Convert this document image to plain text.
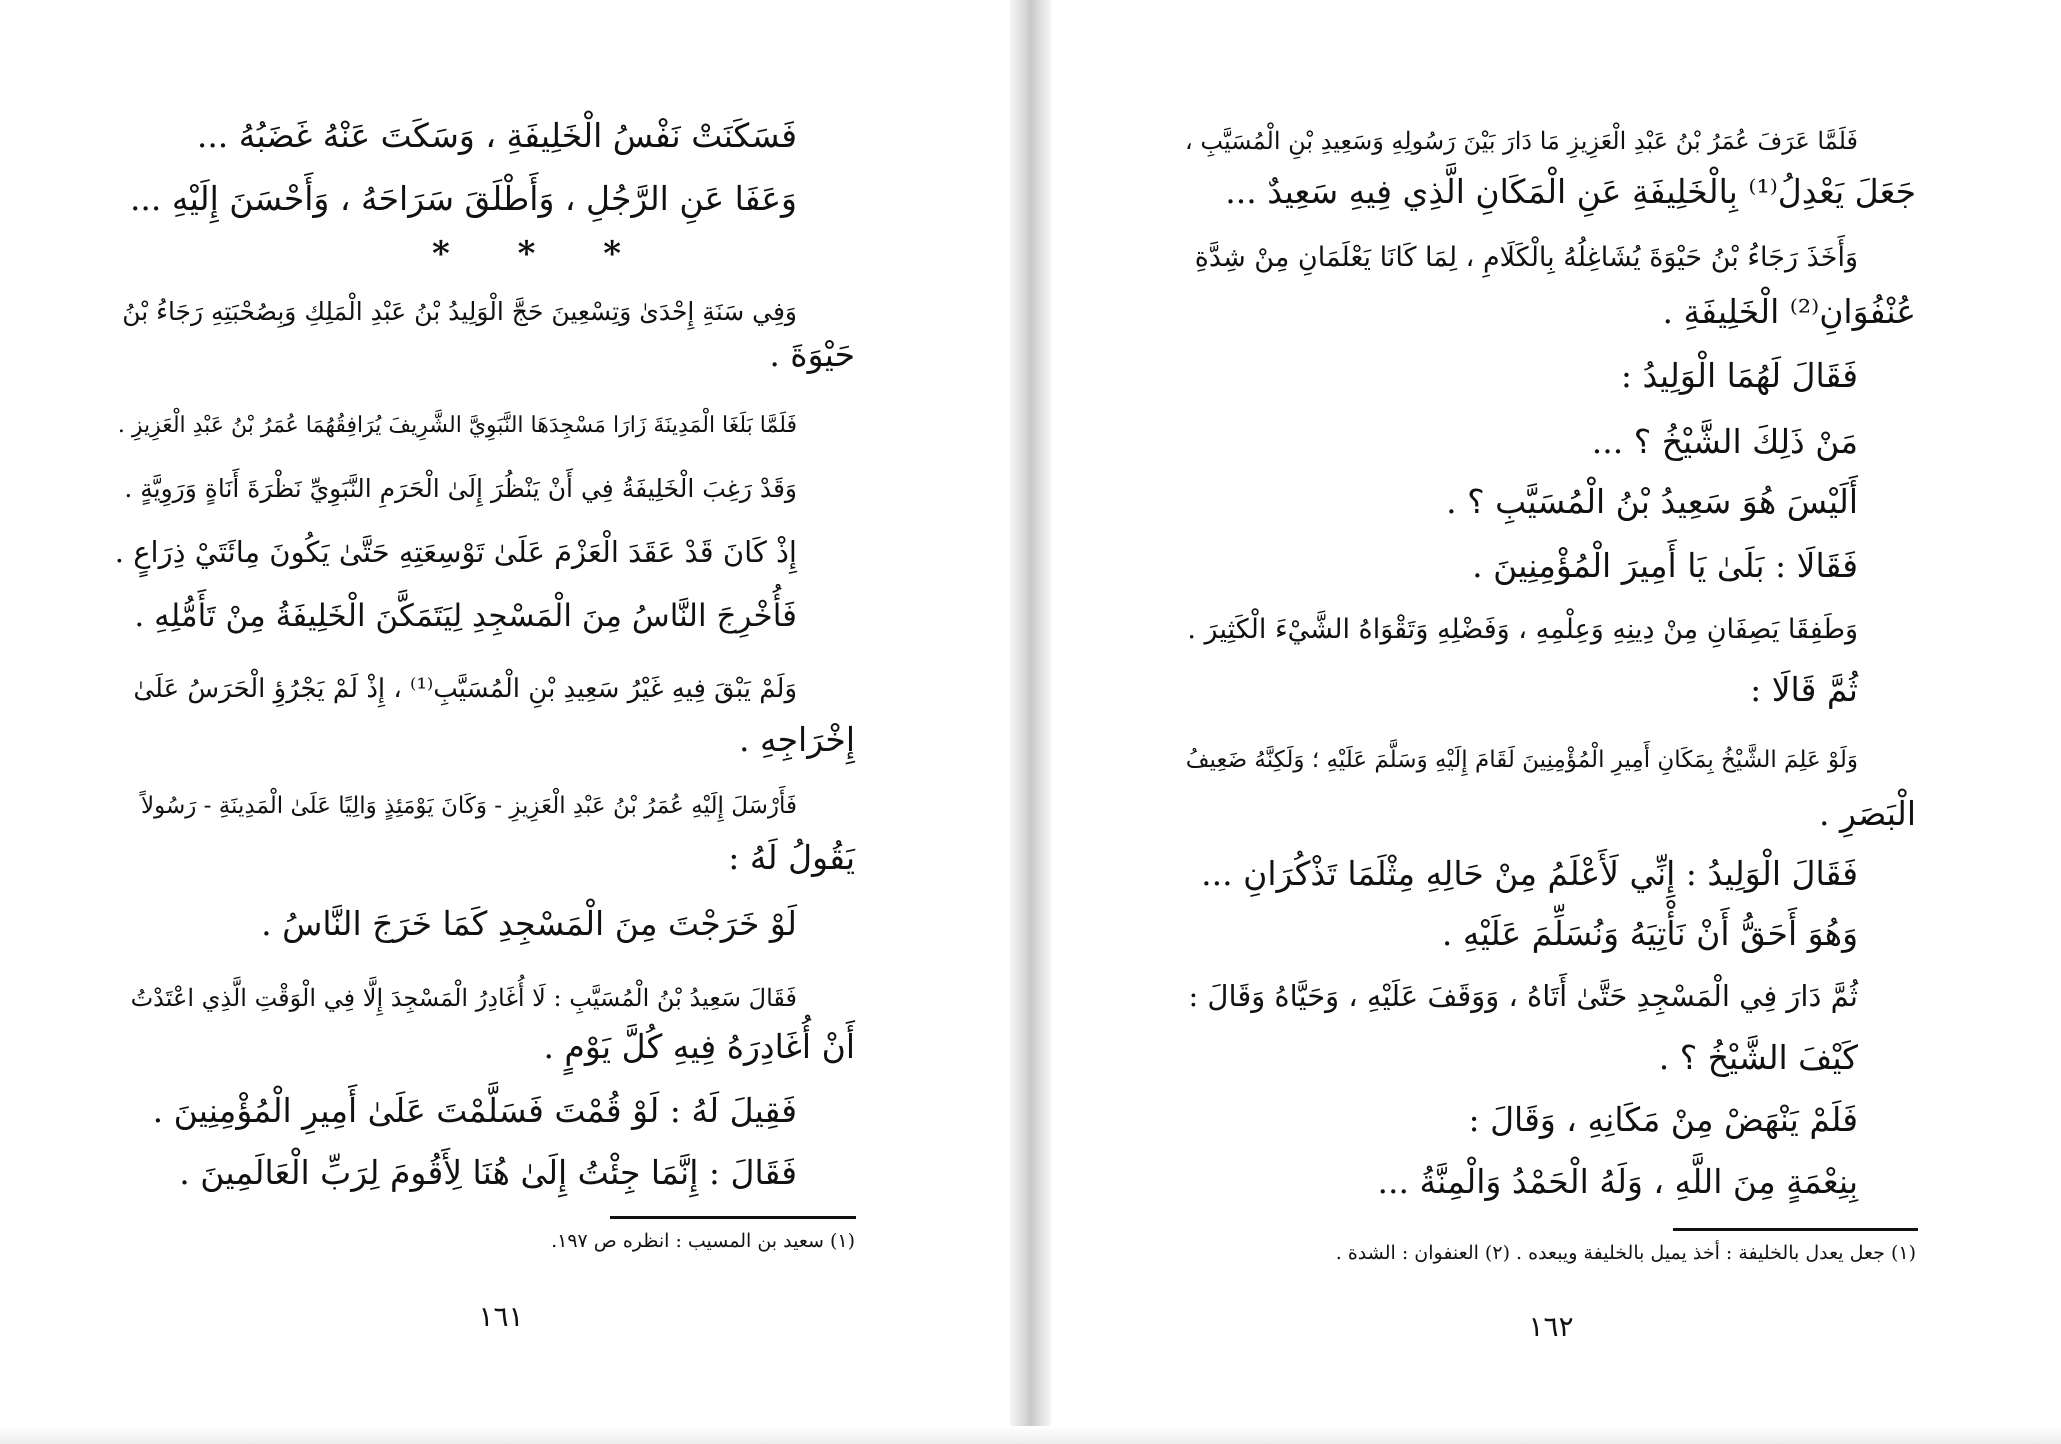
فَسَكَنَتْ نَفْسُ الْخَلِيفَةِ ، وَسَكَتَ عَنْهُ غَضَبُهُ ...
وَعَفَا عَنِ الرَّجُلِ ، وَأَطْلَقَ سَرَاحَهُ ، وَأَحْسَنَ إِلَيْهِ ...
وَفِي سَنَةِ إِحْدَىٰ وَتِسْعِينَ حَجَّ الْوَلِيدُ بْنُ عَبْدِ الْمَلِكِ وَبِصُحْبَتِهِ رَجَاءُ بْنُ
حَيْوَةَ .
فَلَمَّا بَلَغَا الْمَدِينَةَ زَارَا مَسْجِدَهَا النَّبَوِيَّ الشَّرِيفَ يُرَافِقُهُمَا عُمَرُ بْنُ عَبْدِ الْعَزِيزِ .
وَقَدْ رَغِبَ الْخَلِيفَةُ فِي أَنْ يَنْظُرَ إِلَىٰ الْحَرَمِ النَّبَوِيِّ نَظْرَةَ أَنَاةٍ وَرَوِيَّةٍ .
إِذْ كَانَ قَدْ عَقَدَ الْعَزْمَ عَلَىٰ تَوْسِعَتِهِ حَتَّىٰ يَكُونَ مِائَتَيْ ذِرَاعٍ .
فَأُخْرِجَ النَّاسُ مِنَ الْمَسْجِدِ لِيَتَمَكَّنَ الْخَلِيفَةُ مِنْ تَأَمُّلِهِ .
وَلَمْ يَبْقَ فِيهِ غَيْرُ سَعِيدِ بْنِ الْمُسَيَّبِ⁽¹⁾ ، إِذْ لَمْ يَجْرُؤِ الْحَرَسُ عَلَىٰ
إِخْرَاجِهِ .
فَأَرْسَلَ إِلَيْهِ عُمَرُ بْنُ عَبْدِ الْعَزِيزِ - وَكَانَ يَوْمَئِذٍ وَالِيًا عَلَىٰ الْمَدِينَةِ - رَسُولاً
يَقُولُ لَهُ :
لَوْ خَرَجْتَ مِنَ الْمَسْجِدِ كَمَا خَرَجَ النَّاسُ .
فَقَالَ سَعِيدُ بْنُ الْمُسَيَّبِ : لَا أُغَادِرُ الْمَسْجِدَ إِلَّا فِي الْوَقْتِ الَّذِي اعْتَدْتُ
أَنْ أُغَادِرَهُ فِيهِ كُلَّ يَوْمٍ .
فَقِيلَ لَهُ : لَوْ قُمْتَ فَسَلَّمْتَ عَلَىٰ أَمِيرِ الْمُؤْمِنِينَ .
فَقَالَ : إِنَّمَا جِئْتُ إِلَىٰ هُنَا لِأَقُومَ لِرَبِّ الْعَالَمِينَ .
* * *
(١) سعيد بن المسيب : انظره ص ١٩٧.
١٦١
فَلَمَّا عَرَفَ عُمَرُ بْنُ عَبْدِ الْعَزِيزِ مَا دَارَ بَيْنَ رَسُولِهِ وَسَعِيدِ بْنِ الْمُسَيَّبِ ،
جَعَلَ يَعْدِلُ⁽¹⁾ بِالْخَلِيفَةِ عَنِ الْمَكَانِ الَّذِي فِيهِ سَعِيدٌ ...
وَأَخَذَ رَجَاءُ بْنُ حَيْوَةَ يُشَاغِلُهُ بِالْكَلَامِ ، لِمَا كَانَا يَعْلَمَانِ مِنْ شِدَّةِ
عُنْفُوَانِ⁽²⁾ الْخَلِيفَةِ .
فَقَالَ لَهُمَا الْوَلِيدُ :
مَنْ ذَلِكَ الشَّيْخُ ؟ ...
أَلَيْسَ هُوَ سَعِيدُ بْنُ الْمُسَيَّبِ ؟ .
فَقَالَا : بَلَىٰ يَا أَمِيرَ الْمُؤْمِنِينَ .
وَطَفِقَا يَصِفَانِ مِنْ دِينِهِ وَعِلْمِهِ ، وَفَضْلِهِ وَتَقْوَاهُ الشَّيْءَ الْكَثِيرَ .
ثُمَّ قَالَا :
وَلَوْ عَلِمَ الشَّيْخُ بِمَكَانِ أَمِيرِ الْمُؤْمِنِينَ لَقَامَ إِلَيْهِ وَسَلَّمَ عَلَيْهِ ؛ وَلَكِنَّهُ ضَعِيفُ
الْبَصَرِ .
فَقَالَ الْوَلِيدُ : إِنِّي لَأَعْلَمُ مِنْ حَالِهِ مِثْلَمَا تَذْكُرَانِ ...
وَهُوَ أَحَقُّ أَنْ نَأْتِيَهُ وَنُسَلِّمَ عَلَيْهِ .
ثُمَّ دَارَ فِي الْمَسْجِدِ حَتَّىٰ أَتَاهُ ، وَوَقَفَ عَلَيْهِ ، وَحَيَّاهُ وَقَالَ :
كَيْفَ الشَّيْخُ ؟ .
فَلَمْ يَنْهَضْ مِنْ مَكَانِهِ ، وَقَالَ :
بِنِعْمَةٍ مِنَ اللَّهِ ، وَلَهُ الْحَمْدُ وَالْمِنَّةُ ...
(١) جعل يعدل بالخليفة : أخذ يميل بالخليفة ويبعده . (٢) العنفوان : الشدة .
١٦٢
